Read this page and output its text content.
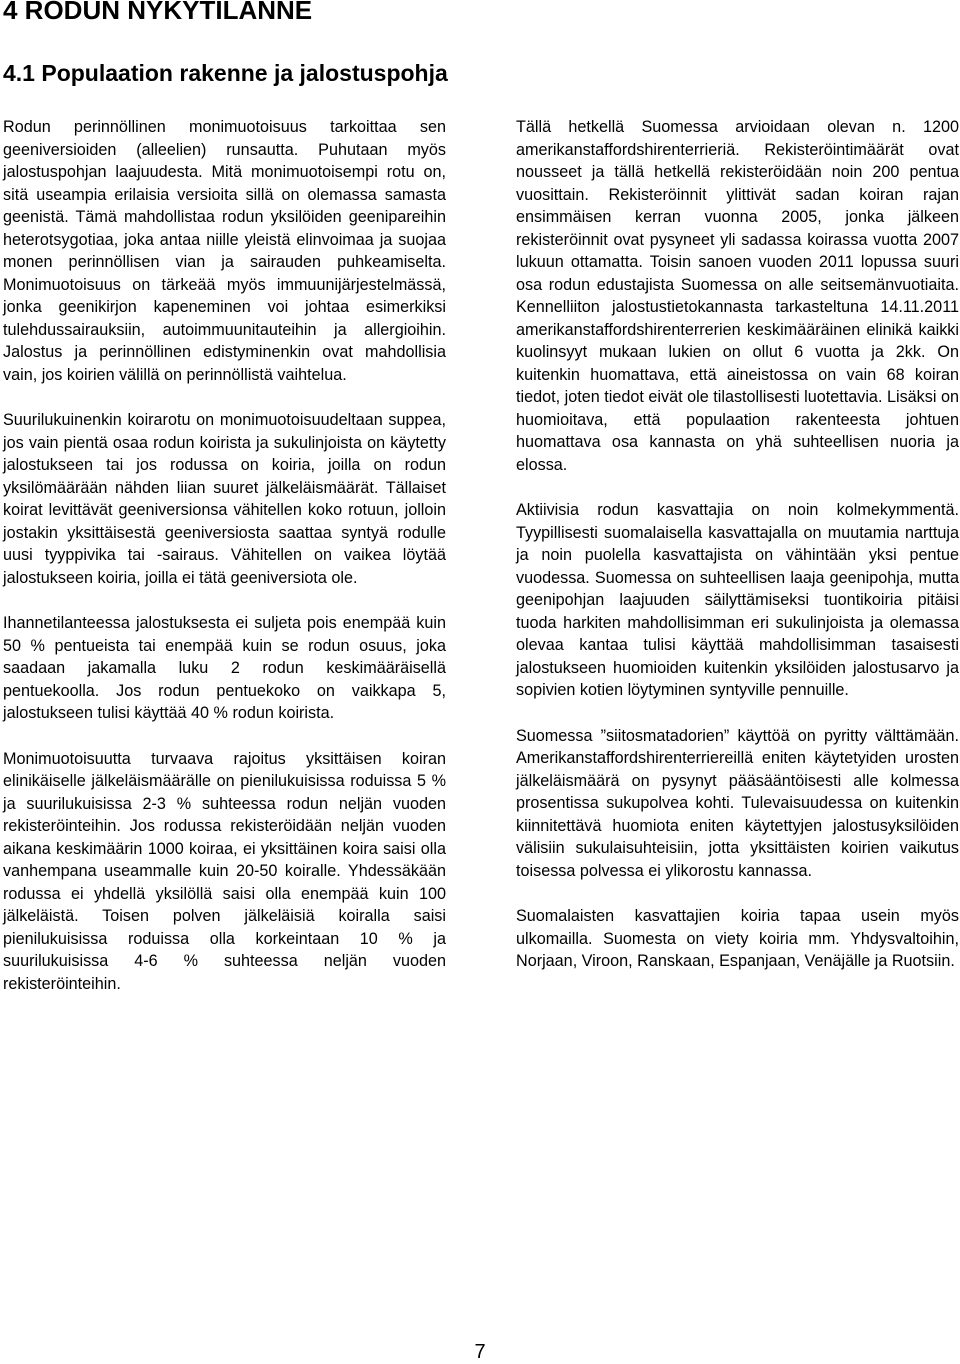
4 RODUN NYKYTILANNE
4.1 Populaation rakenne ja jalostuspohja

Rodun perinnöllinen monimuotoisuus tarkoittaa sen geeniversioiden (alleelien) runsautta. Puhutaan myös jalostuspohjan laajuudesta. Mitä monimuotoisempi rotu on, sitä useampia erilaisia versioita sillä on olemassa samasta geenistä. Tämä mahdollistaa rodun yksilöiden geenipareihin heterotsygotiaa, joka antaa niille yleistä elinvoimaa ja suojaa monen perinnöllisen vian ja sairauden puhkeamiselta. Monimuotoisuus on tärkeää myös immuunijärjestelmässä, jonka geenikirjon kapeneminen voi johtaa esimerkiksi tulehdussairauksiin, autoimmuunitauteihin ja allergioihin. Jalostus ja perinnöllinen edistyminenkin ovat mahdollisia vain, jos koirien välillä on perinnöllistä vaihtelua.

Suurilukuinenkin koirarotu on monimuotoisuudeltaan suppea, jos vain pientä osaa rodun koirista ja sukulinjoista on käytetty jalostukseen tai jos rodussa on koiria, joilla on rodun yksilömäärään nähden liian suuret jälkeläismäärät. Tällaiset koirat levittävät geeniversionsa vähitellen koko rotuun, jolloin jostakin yksittäisestä geeniversiosta saattaa syntyä rodulle uusi tyyppivika tai -sairaus. Vähitellen on vaikea löytää jalostukseen koiria, joilla ei tätä geeniversiota ole.

Ihannetilanteessa jalostuksesta ei suljeta pois enempää kuin 50 % pentueista tai enempää kuin se rodun osuus, joka saadaan jakamalla luku 2 rodun keskimääräisellä pentuekoolla. Jos rodun pentuekoko on vaikkapa 5, jalostukseen tulisi käyttää 40 % rodun koirista.

Monimuotoisuutta turvaava rajoitus yksittäisen koiran elinikäiselle jälkeläismäärälle on pienilukuisissa roduissa 5 % ja suurilukuisissa 2-3 % suhteessa rodun neljän vuoden rekisteröinteihin. Jos rodussa rekisteröidään neljän vuoden aikana keskimäärin 1000 koiraa, ei yksittäinen koira saisi olla vanhempana useammalle kuin 20-50 koiralle. Yhdessäkään rodussa ei yhdellä yksilöllä saisi olla enempää kuin 100 jälkeläistä. Toisen polven jälkeläisiä koiralla saisi pienilukuisissa roduissa olla korkeintaan 10 % ja suurilukuisissa 4-6 % suhteessa neljän vuoden rekisteröinteihin.

Tällä hetkellä Suomessa arvioidaan olevan n. 1200 amerikanstaffordshirenterrieriä. Rekisteröintimäärät ovat nousseet ja tällä hetkellä rekisteröidään noin 200 pentua vuosittain. Rekisteröinnit ylittivät sadan koiran rajan ensimmäisen kerran vuonna 2005, jonka jälkeen rekisteröinnit ovat pysyneet yli sadassa koirassa vuotta 2007 lukuun ottamatta. Toisin sanoen vuoden 2011 lopussa suuri osa rodun edustajista Suomessa on alle seitsemänvuotiaita. Kennelliiton jalostustietokannasta tarkasteltuna 14.11.2011 amerikanstaffordshirenterrerien keskimääräinen elinikä kaikki kuolinsyyt mukaan lukien on ollut 6 vuotta ja 2kk. On kuitenkin huomattava, että aineistossa on vain 68 koiran tiedot, joten tiedot eivät ole tilastollisesti luotettavia. Lisäksi on huomioitava, että populaation rakenteesta johtuen huomattava osa kannasta on yhä suhteellisen nuoria ja elossa.

Aktiivisia rodun kasvattajia on noin kolmekymmentä. Tyypillisesti suomalaisella kasvattajalla on muutamia narttuja ja noin puolella kasvattajista on vähintään yksi pentue vuodessa. Suomessa on suhteellisen laaja geenipohja, mutta geenipohjan laajuuden säilyttämiseksi tuontikoiria pitäisi tuoda harkiten mahdollisimman eri sukulinjoista ja olemassa olevaa kantaa tulisi käyttää mahdollisimman tasaisesti jalostukseen huomioiden kuitenkin yksilöiden jalostusarvo ja sopivien kotien löytyminen syntyville pennuille.

Suomessa ”siitosmatadorien” käyttöä on pyritty välttämään. Amerikanstaffordshirenterriereillä eniten käytetyiden urosten jälkeläismäärä on pysynyt pääsääntöisesti alle kolmessa prosentissa sukupolvea kohti. Tulevaisuudessa on kuitenkin kiinnitettävä huomiota eniten käytettyjen jalostusyksilöiden välisiin sukulaisuhteisiin, jotta yksittäisten koirien vaikutus toisessa polvessa ei ylikorostu kannassa.

Suomalaisten kasvattajien koiria tapaa usein myös ulkomailla. Suomesta on viety koiria mm. Yhdysvaltoihin, Norjaan, Viroon, Ranskaan, Espanjaan, Venäjälle ja Ruotsiin.

7
